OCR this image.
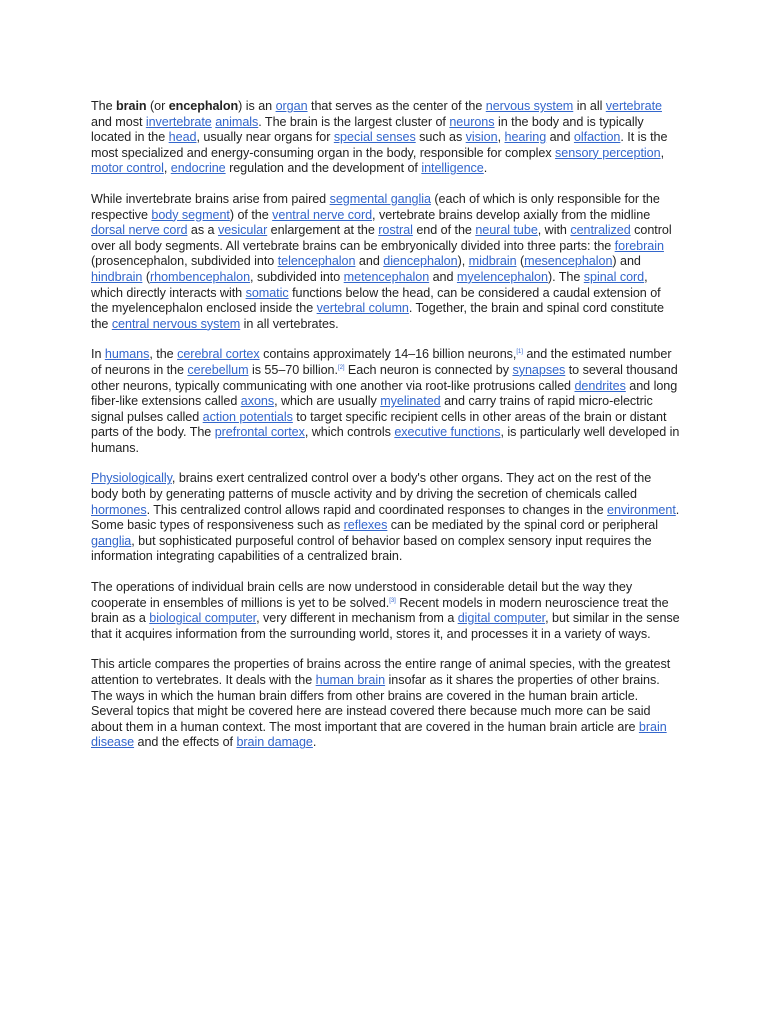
The brain (or encephalon) is an organ that serves as the center of the nervous system in all vertebrate and most invertebrate animals. The brain is the largest cluster of neurons in the body and is typically located in the head, usually near organs for special senses such as vision, hearing and olfaction. It is the most specialized and energy-consuming organ in the body, responsible for complex sensory perception, motor control, endocrine regulation and the development of intelligence.

While invertebrate brains arise from paired segmental ganglia (each of which is only responsible for the respective body segment) of the ventral nerve cord, vertebrate brains develop axially from the midline dorsal nerve cord as a vesicular enlargement at the rostral end of the neural tube, with centralized control over all body segments. All vertebrate brains can be embryonically divided into three parts: the forebrain (prosencephalon, subdivided into telencephalon and diencephalon), midbrain (mesencephalon) and hindbrain (rhombencephalon, subdivided into metencephalon and myelencephalon). The spinal cord, which directly interacts with somatic functions below the head, can be considered a caudal extension of the myelencephalon enclosed inside the vertebral column. Together, the brain and spinal cord constitute the central nervous system in all vertebrates.

In humans, the cerebral cortex contains approximately 14–16 billion neurons,[1] and the estimated number of neurons in the cerebellum is 55–70 billion.[2] Each neuron is connected by synapses to several thousand other neurons, typically communicating with one another via root-like protrusions called dendrites and long fiber-like extensions called axons, which are usually myelinated and carry trains of rapid micro-electric signal pulses called action potentials to target specific recipient cells in other areas of the brain or distant parts of the body. The prefrontal cortex, which controls executive functions, is particularly well developed in humans.

Physiologically, brains exert centralized control over a body's other organs. They act on the rest of the body both by generating patterns of muscle activity and by driving the secretion of chemicals called hormones. This centralized control allows rapid and coordinated responses to changes in the environment. Some basic types of responsiveness such as reflexes can be mediated by the spinal cord or peripheral ganglia, but sophisticated purposeful control of behavior based on complex sensory input requires the information integrating capabilities of a centralized brain.

The operations of individual brain cells are now understood in considerable detail but the way they cooperate in ensembles of millions is yet to be solved.[3] Recent models in modern neuroscience treat the brain as a biological computer, very different in mechanism from a digital computer, but similar in the sense that it acquires information from the surrounding world, stores it, and processes it in a variety of ways.

This article compares the properties of brains across the entire range of animal species, with the greatest attention to vertebrates. It deals with the human brain insofar as it shares the properties of other brains. The ways in which the human brain differs from other brains are covered in the human brain article. Several topics that might be covered here are instead covered there because much more can be said about them in a human context. The most important that are covered in the human brain article are brain disease and the effects of brain damage.
